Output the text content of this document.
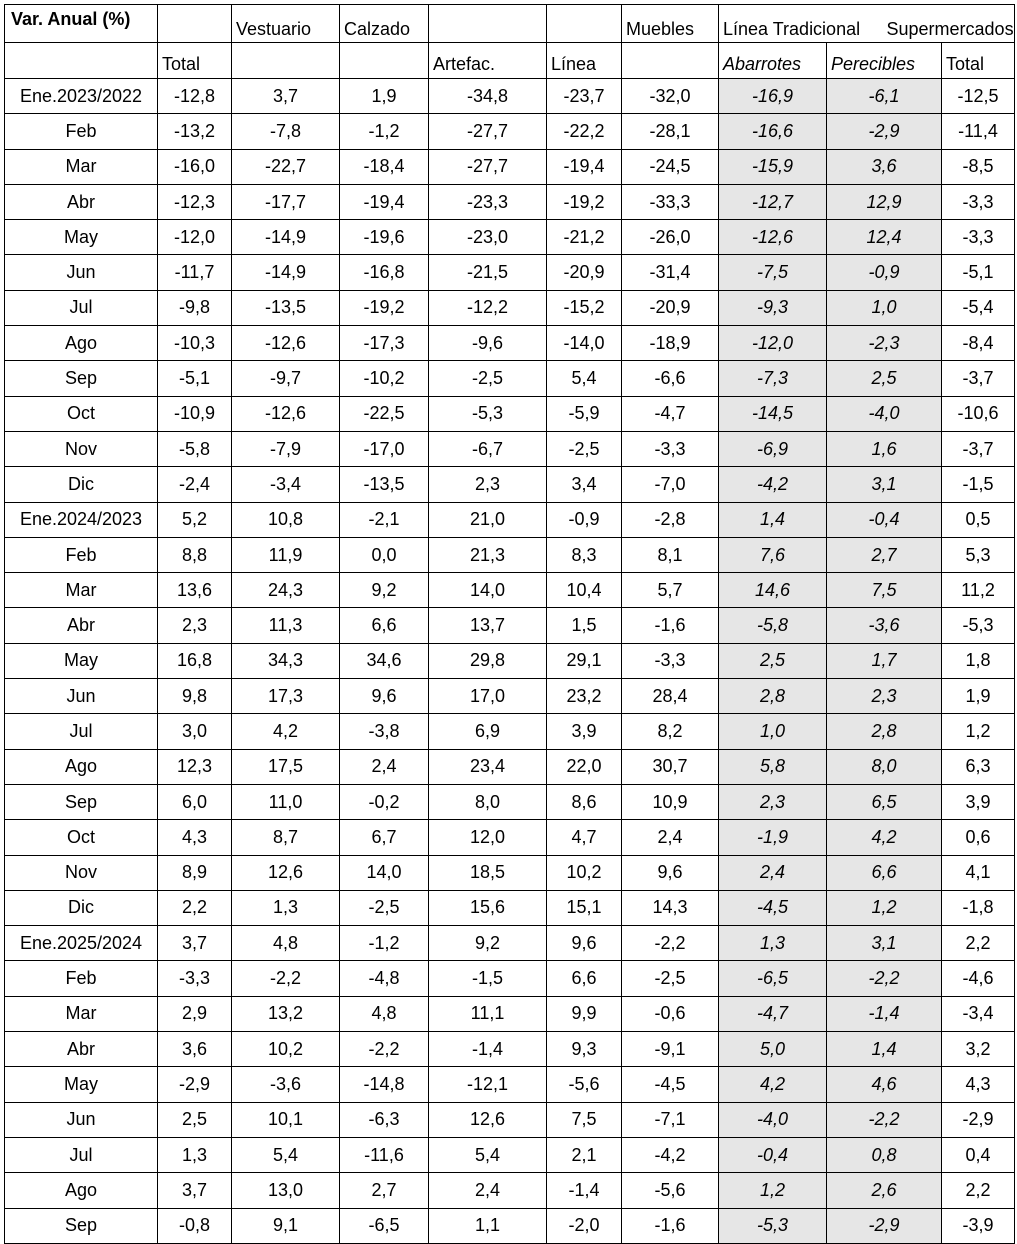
Var. Anual (%)		Vestuario	Calzado			Muebles	Línea Tradicional		Supermercados
	Total			Artefac.	Línea		Abarrotes	Perecibles	Total
Ene.2023/2022	-12,8	3,7	1,9	-34,8	-23,7	-32,0	-16,9	-6,1	-12,5
Feb	-13,2	-7,8	-1,2	-27,7	-22,2	-28,1	-16,6	-2,9	-11,4
Mar	-16,0	-22,7	-18,4	-27,7	-19,4	-24,5	-15,9	3,6	-8,5
Abr	-12,3	-17,7	-19,4	-23,3	-19,2	-33,3	-12,7	12,9	-3,3
May	-12,0	-14,9	-19,6	-23,0	-21,2	-26,0	-12,6	12,4	-3,3
Jun	-11,7	-14,9	-16,8	-21,5	-20,9	-31,4	-7,5	-0,9	-5,1
Jul	-9,8	-13,5	-19,2	-12,2	-15,2	-20,9	-9,3	1,0	-5,4
Ago	-10,3	-12,6	-17,3	-9,6	-14,0	-18,9	-12,0	-2,3	-8,4
Sep	-5,1	-9,7	-10,2	-2,5	5,4	-6,6	-7,3	2,5	-3,7
Oct	-10,9	-12,6	-22,5	-5,3	-5,9	-4,7	-14,5	-4,0	-10,6
Nov	-5,8	-7,9	-17,0	-6,7	-2,5	-3,3	-6,9	1,6	-3,7
Dic	-2,4	-3,4	-13,5	2,3	3,4	-7,0	-4,2	3,1	-1,5
Ene.2024/2023	5,2	10,8	-2,1	21,0	-0,9	-2,8	1,4	-0,4	0,5
Feb	8,8	11,9	0,0	21,3	8,3	8,1	7,6	2,7	5,3
Mar	13,6	24,3	9,2	14,0	10,4	5,7	14,6	7,5	11,2
Abr	2,3	11,3	6,6	13,7	1,5	-1,6	-5,8	-3,6	-5,3
May	16,8	34,3	34,6	29,8	29,1	-3,3	2,5	1,7	1,8
Jun	9,8	17,3	9,6	17,0	23,2	28,4	2,8	2,3	1,9
Jul	3,0	4,2	-3,8	6,9	3,9	8,2	1,0	2,8	1,2
Ago	12,3	17,5	2,4	23,4	22,0	30,7	5,8	8,0	6,3
Sep	6,0	11,0	-0,2	8,0	8,6	10,9	2,3	6,5	3,9
Oct	4,3	8,7	6,7	12,0	4,7	2,4	-1,9	4,2	0,6
Nov	8,9	12,6	14,0	18,5	10,2	9,6	2,4	6,6	4,1
Dic	2,2	1,3	-2,5	15,6	15,1	14,3	-4,5	1,2	-1,8
Ene.2025/2024	3,7	4,8	-1,2	9,2	9,6	-2,2	1,3	3,1	2,2
Feb	-3,3	-2,2	-4,8	-1,5	6,6	-2,5	-6,5	-2,2	-4,6
Mar	2,9	13,2	4,8	11,1	9,9	-0,6	-4,7	-1,4	-3,4
Abr	3,6	10,2	-2,2	-1,4	9,3	-9,1	5,0	1,4	3,2
May	-2,9	-3,6	-14,8	-12,1	-5,6	-4,5	4,2	4,6	4,3
Jun	2,5	10,1	-6,3	12,6	7,5	-7,1	-4,0	-2,2	-2,9
Jul	1,3	5,4	-11,6	5,4	2,1	-4,2	-0,4	0,8	0,4
Ago	3,7	13,0	2,7	2,4	-1,4	-5,6	1,2	2,6	2,2
Sep	-0,8	9,1	-6,5	1,1	-2,0	-1,6	-5,3	-2,9	-3,9
